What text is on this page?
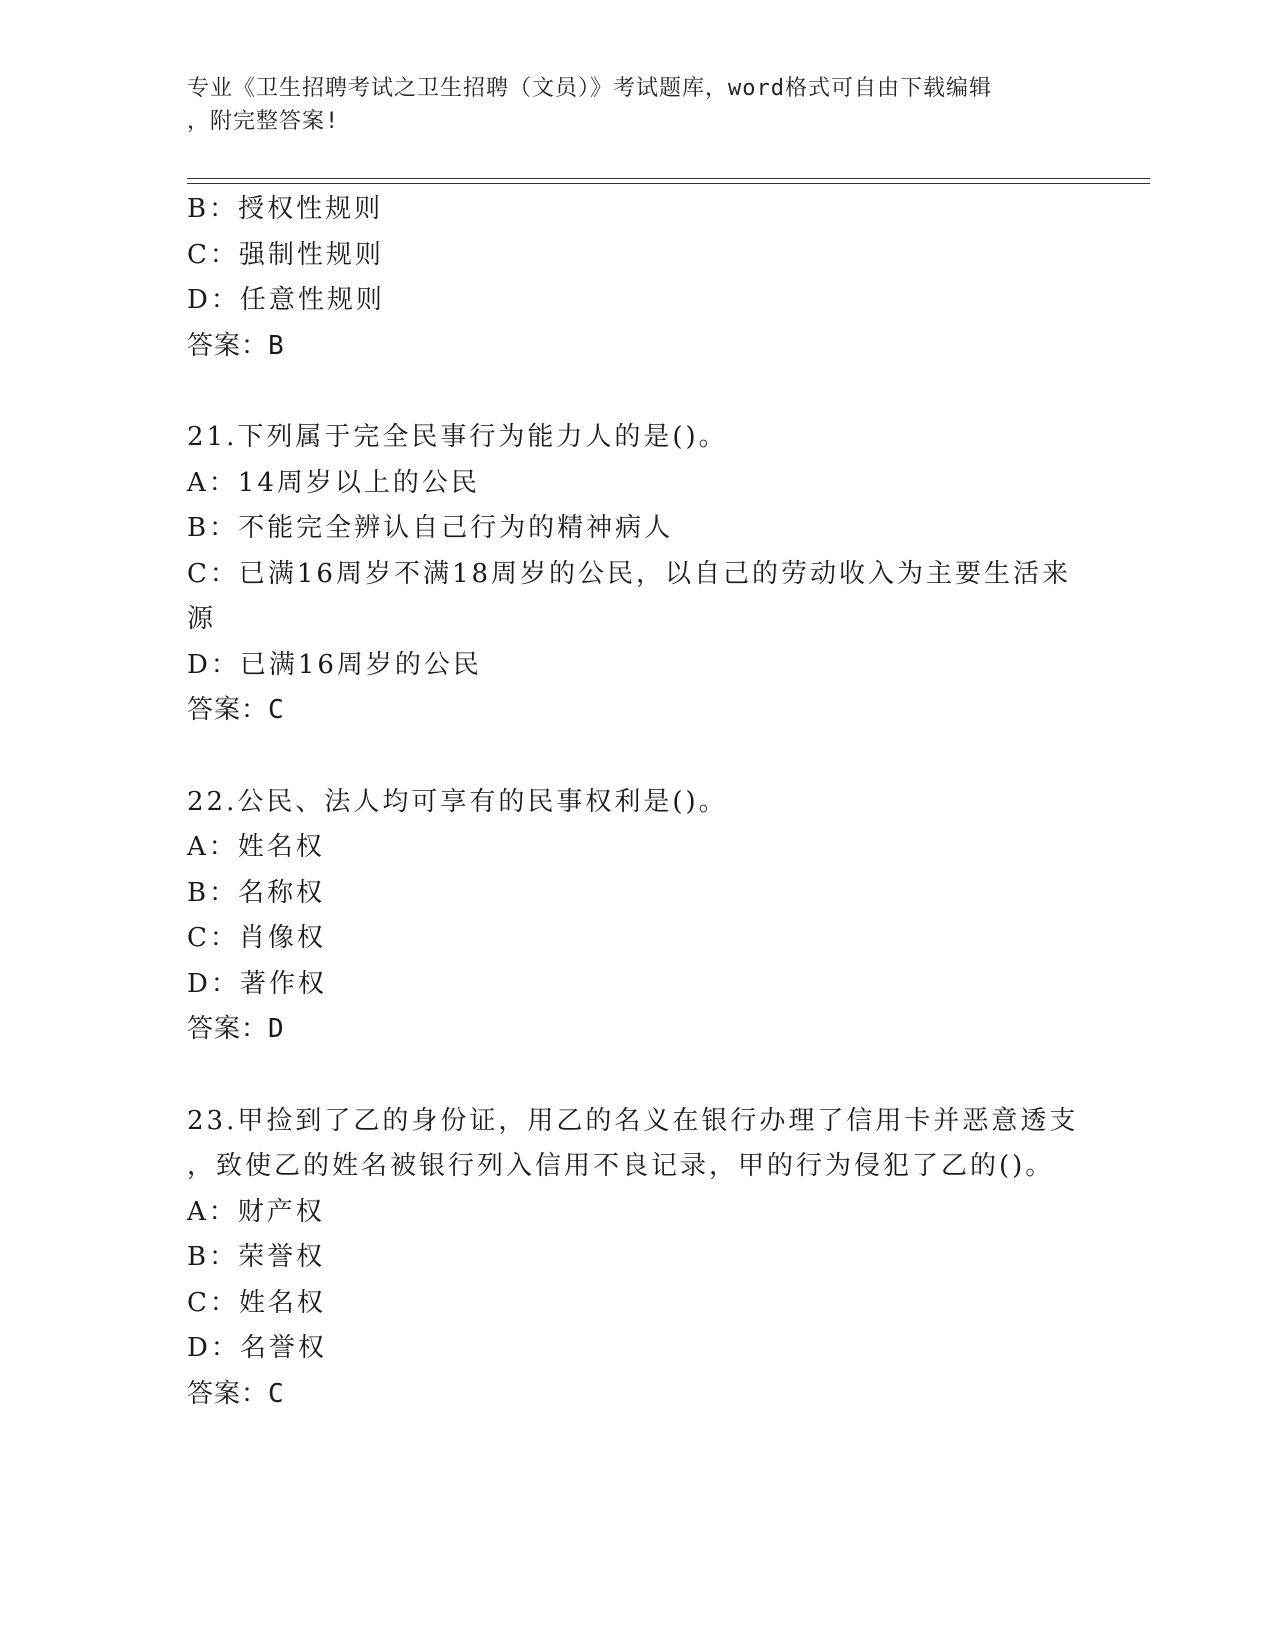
专业《卫生招聘考试之卫生招聘（文员）》考试题库，word格式可自由下载编辑
，附完整答案!
B：授权性规则
C：强制性规则
D：任意性规则
答案：B
21.下列属于完全民事行为能力人的是()。
A：14周岁以上的公民
B：不能完全辨认自己行为的精神病人
C：已满16周岁不满18周岁的公民，以自己的劳动收入为主要生活来
源
D：已满16周岁的公民
答案：C
22.公民、法人均可享有的民事权利是()。
A：姓名权
B：名称权
C：肖像权
D：著作权
答案：D
23.甲捡到了乙的身份证，用乙的名义在银行办理了信用卡并恶意透支
，致使乙的姓名被银行列入信用不良记录，甲的行为侵犯了乙的()。
A：财产权
B：荣誉权
C：姓名权
D：名誉权
答案：C
